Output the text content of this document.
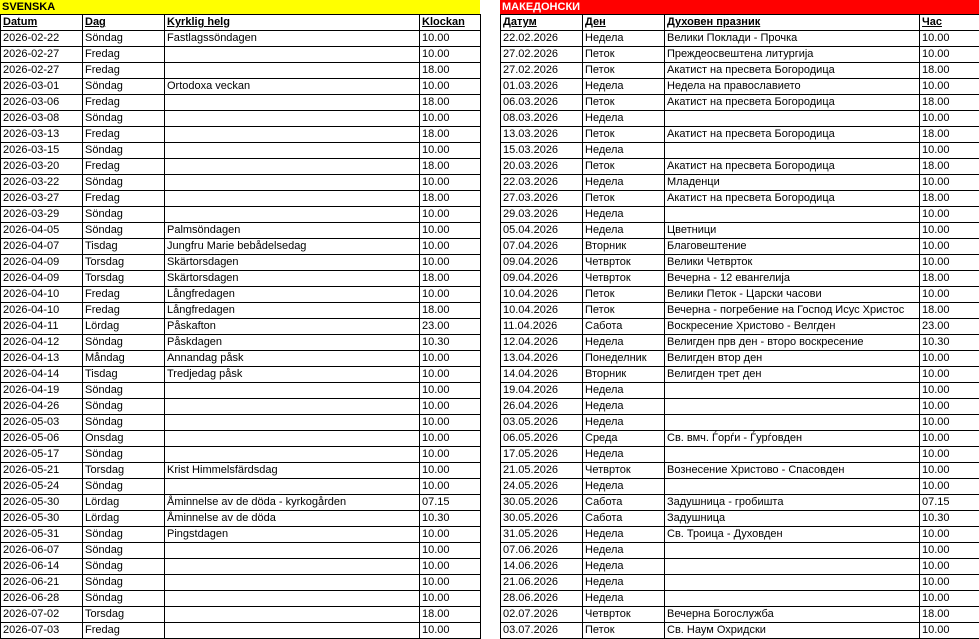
SVENSKA
Datum	Dag	Kyrklig helg	Klockan
2026-02-22	Söndag	Fastlagssöndagen	10.00
2026-02-27	Fredag		10.00
2026-02-27	Fredag		18.00
2026-03-01	Söndag	Ortodoxa veckan	10.00
2026-03-06	Fredag		18.00
2026-03-08	Söndag		10.00
2026-03-13	Fredag		18.00
2026-03-15	Söndag		10.00
2026-03-20	Fredag		18.00
2026-03-22	Söndag		10.00
2026-03-27	Fredag		18.00
2026-03-29	Söndag		10.00
2026-04-05	Söndag	Palmsöndagen	10.00
2026-04-07	Tisdag	Jungfru Marie bebådelsedag	10.00
2026-04-09	Torsdag	Skärtorsdagen	10.00
2026-04-09	Torsdag	Skärtorsdagen	18.00
2026-04-10	Fredag	Långfredagen	10.00
2026-04-10	Fredag	Långfredagen	18.00
2026-04-11	Lördag	Påskafton	23.00
2026-04-12	Söndag	Påskdagen	10.30
2026-04-13	Måndag	Annandag påsk	10.00
2026-04-14	Tisdag	Tredjedag påsk	10.00
2026-04-19	Söndag		10.00
2026-04-26	Söndag		10.00
2026-05-03	Söndag		10.00
2026-05-06	Onsdag		10.00
2026-05-17	Söndag		10.00
2026-05-21	Torsdag	Krist Himmelsfärdsdag	10.00
2026-05-24	Söndag		10.00
2026-05-30	Lördag	Åminnelse av de döda - kyrkogården	07.15
2026-05-30	Lördag	Åminnelse av de döda	10.30
2026-05-31	Söndag	Pingstdagen	10.00
2026-06-07	Söndag		10.00
2026-06-14	Söndag		10.00
2026-06-21	Söndag		10.00
2026-06-28	Söndag		10.00
2026-07-02	Torsdag		18.00
2026-07-03	Fredag		10.00
МАКЕДОНСКИ
Датум	Ден	Духовен празник	Час
22.02.2026	Недела	Велики Поклади - Прочка	10.00
27.02.2026	Петок	Преждеосвештена литургија	10.00
27.02.2026	Петок	Акатист на пресвета Богородица	18.00
01.03.2026	Недела	Недела на православието	10.00
06.03.2026	Петок	Акатист на пресвета Богородица	18.00
08.03.2026	Недела		10.00
13.03.2026	Петок	Акатист на пресвета Богородица	18.00
15.03.2026	Недела		10.00
20.03.2026	Петок	Акатист на пресвета Богородица	18.00
22.03.2026	Недела	Младенци	10.00
27.03.2026	Петок	Акатист на пресвета Богородица	18.00
29.03.2026	Недела		10.00
05.04.2026	Недела	Цветници	10.00
07.04.2026	Вторник	Благовештение	10.00
09.04.2026	Четврток	Велики Четврток	10.00
09.04.2026	Четврток	Вечерна - 12 евангелија	18.00
10.04.2026	Петок	Велики Петок - Царски часови	10.00
10.04.2026	Петок	Вечерна - погребение на Господ Исус Христос	18.00
11.04.2026	Сабота	Воскресение Христово - Велгден	23.00
12.04.2026	Недела	Велигден прв ден - второ воскресение	10.30
13.04.2026	Понеделник	Велигден втор ден	10.00
14.04.2026	Вторник	Велигден трет ден	10.00
19.04.2026	Недела		10.00
26.04.2026	Недела		10.00
03.05.2026	Недела		10.00
06.05.2026	Среда	Св. вмч. Ѓорѓи - Ѓурѓовден	10.00
17.05.2026	Недела		10.00
21.05.2026	Четврток	Вознесение Христово - Спасовден	10.00
24.05.2026	Недела		10.00
30.05.2026	Сабота	Задушница - гробишта	07.15
30.05.2026	Сабота	Задушница	10.30
31.05.2026	Недела	Св. Троица - Духовден	10.00
07.06.2026	Недела		10.00
14.06.2026	Недела		10.00
21.06.2026	Недела		10.00
28.06.2026	Недела		10.00
02.07.2026	Четврток	Вечерна Богослужба	18.00
03.07.2026	Петок	Св. Наум Охридски	10.00
